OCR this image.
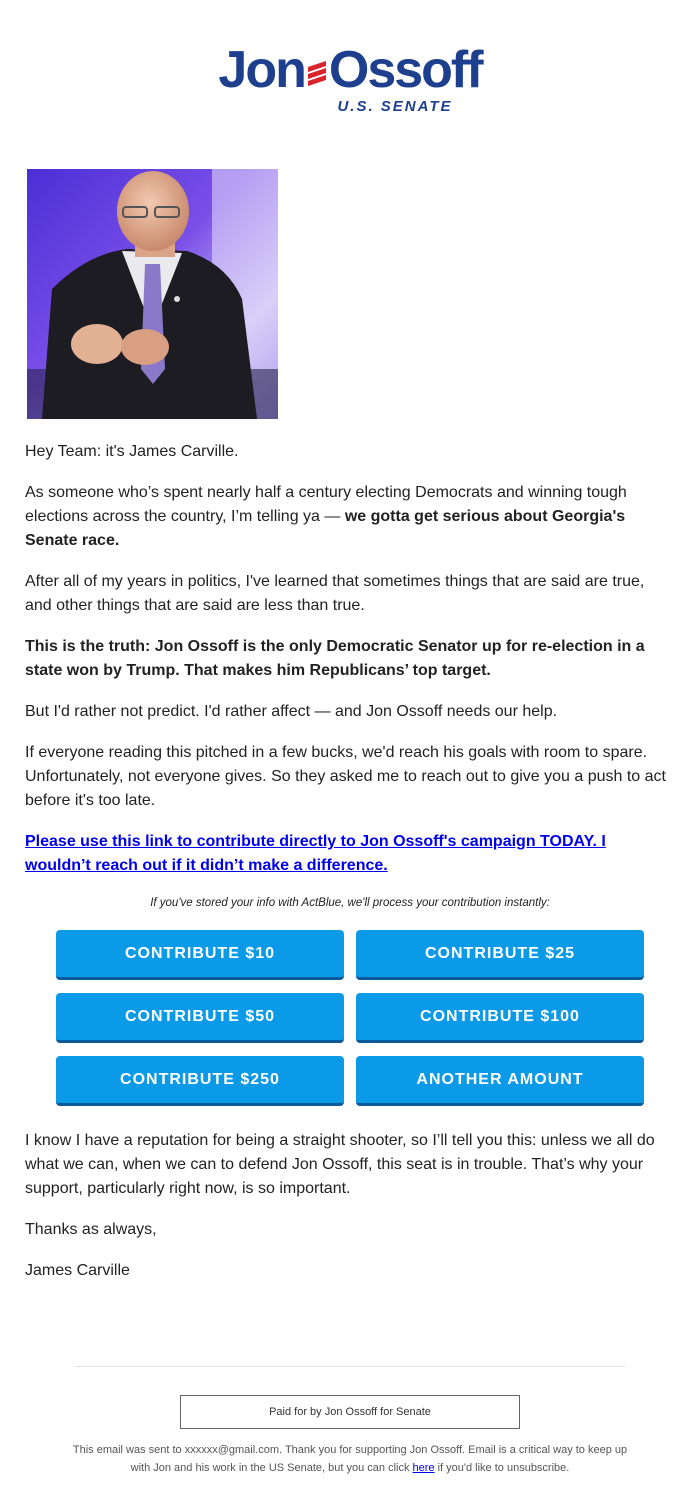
Jon Ossoff
U.S. SENATE

Hey Team: it's James Carville.

As someone who’s spent nearly half a century electing Democrats and winning tough elections across the country, I’m telling ya — we gotta get serious about Georgia's Senate race.

After all of my years in politics, I've learned that sometimes things that are said are true, and other things that are said are less than true.

This is the truth: Jon Ossoff is the only Democratic Senator up for re-election in a state won by Trump. That makes him Republicans’ top target.

But I'd rather not predict. I'd rather affect — and Jon Ossoff needs our help.

If everyone reading this pitched in a few bucks, we'd reach his goals with room to spare. Unfortunately, not everyone gives. So they asked me to reach out to give you a push to act before it's too late.

Please use this link to contribute directly to Jon Ossoff's campaign TODAY. I wouldn’t reach out if it didn’t make a difference.

If you've stored your info with ActBlue, we'll process your contribution instantly:
CONTRIBUTE $10	CONTRIBUTE $25
CONTRIBUTE $50	CONTRIBUTE $100
CONTRIBUTE $250	ANOTHER AMOUNT

I know I have a reputation for being a straight shooter, so I’ll tell you this: unless we all do what we can, when we can to defend Jon Ossoff, this seat is in trouble. That’s why your support, particularly right now, is so important.

Thanks as always,

James Carville

Paid for by Jon Ossoff for Senate
This email was sent to xxxxxx@gmail.com. Thank you for supporting Jon Ossoff. Email is a critical way to keep up with Jon and his work in the US Senate, but you can click here if you'd like to unsubscribe.
